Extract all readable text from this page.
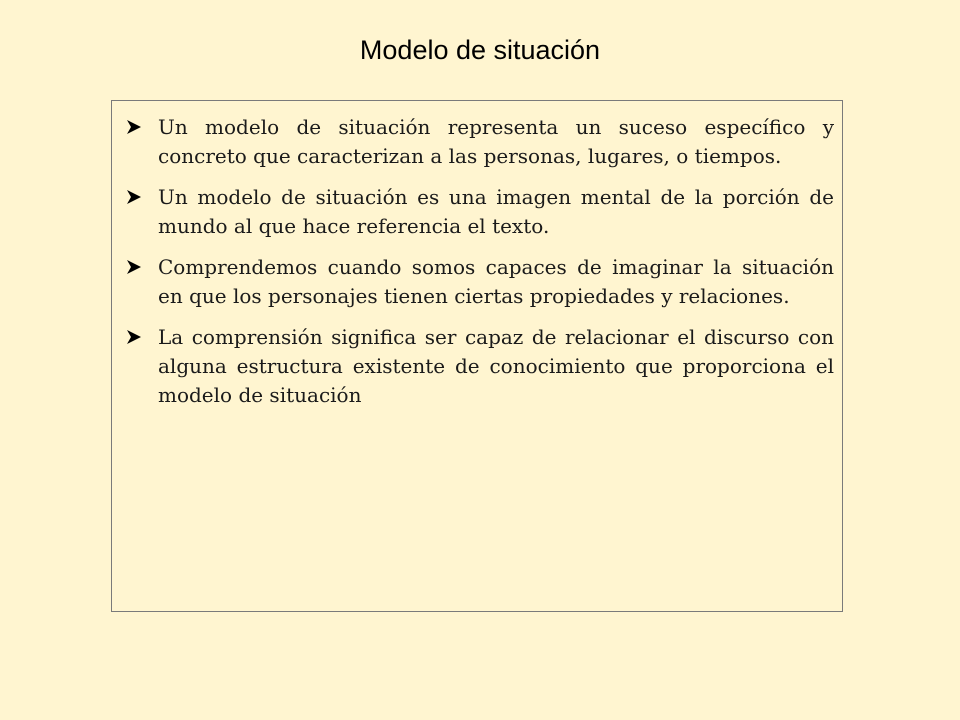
Modelo de situación
Un modelo de situación representa un suceso específico y concreto que caracterizan a las personas, lugares, o tiempos.
Un modelo de situación es una imagen mental de la porción de mundo al que hace referencia el texto.
Comprendemos cuando somos capaces de imaginar la situación en que los personajes tienen ciertas propiedades y relaciones.
La comprensión significa ser capaz de relacionar el discurso con alguna estructura existente de conocimiento que proporciona el modelo de situación
